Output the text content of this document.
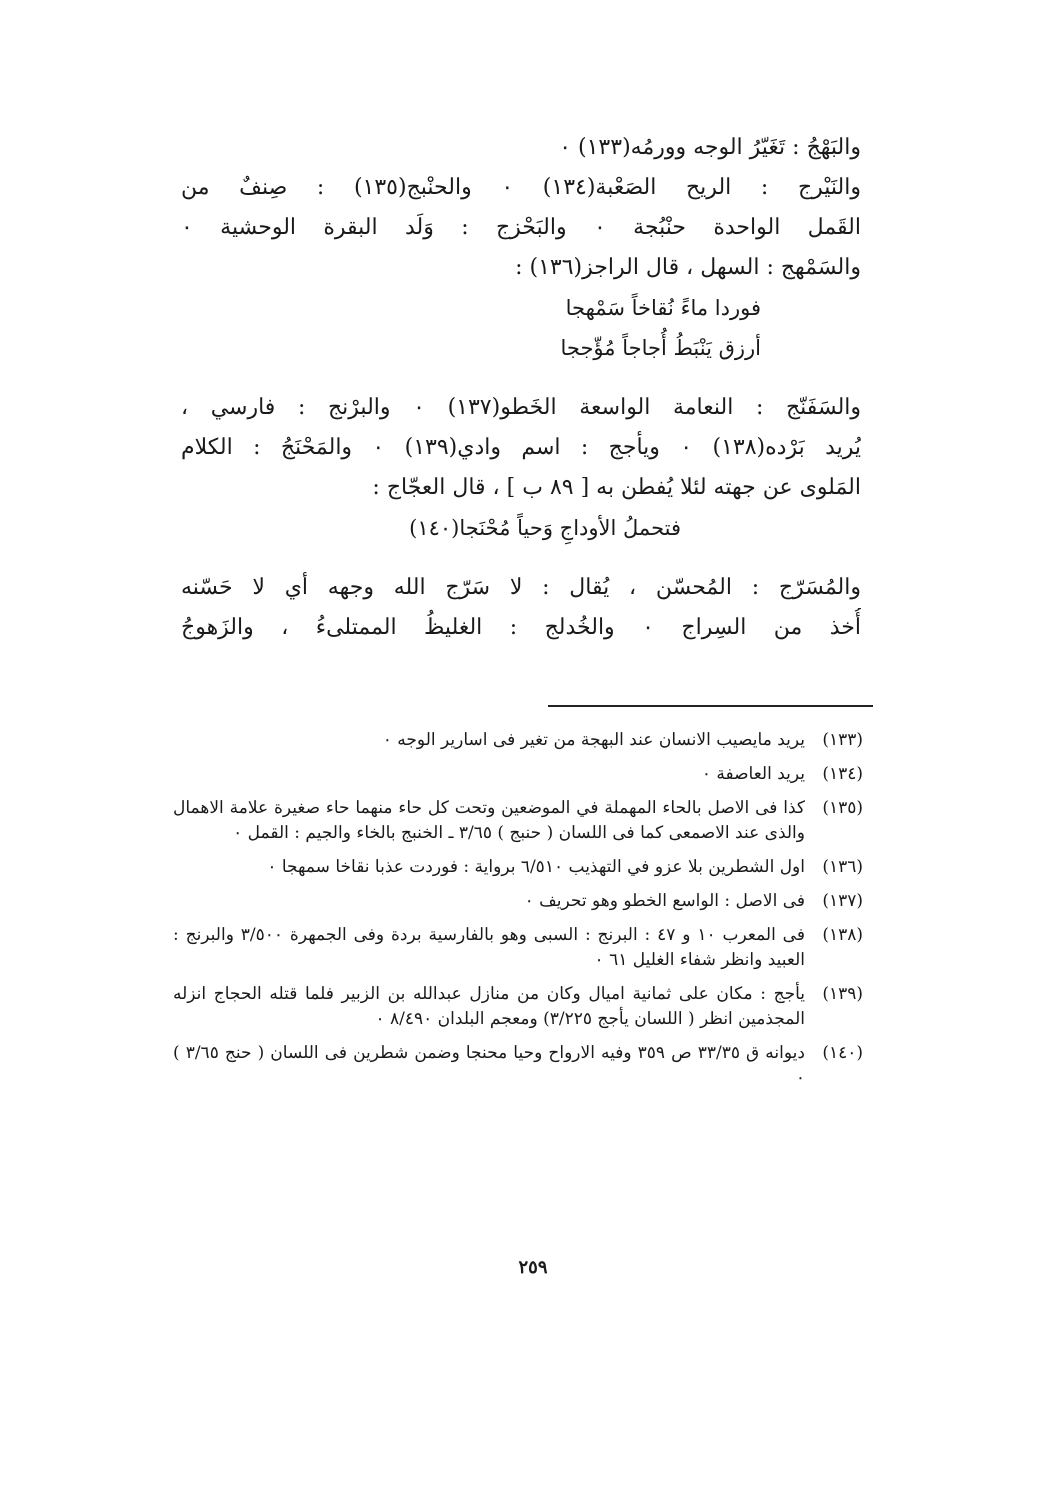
والبَهْجُ : تَغَيّرُ الوجه وورمُه(١٣٣) ٠
والنَيْرج : الريح الصَعْبة(١٣٤) ٠ والحنْبج(١٣٥) : صِنفٌ من
القَمل الواحدة حنْبُجة ٠ والبَحْزج : وَلَد البقرة الوحشية ٠
والسَمْهج : السهل ، قال الراجز(١٣٦) :
فوردا ماءً نُقاخاً سَمْهجا
أرزق يَنْبَطُ أُجاجاً مُؤّججا
والسَفَنّج : النعامة الواسعة الخَطو(١٣٧) ٠ والبرْنج : فارسي ،
يُريد بَرْده(١٣٨) ٠ ويأجج : اسم وادي(١٣٩) ٠ والمَحْنَجُ : الكلام
المَلوى عن جهته لئلا يُفطن به [ ٨٩ ب ] ، قال العجّاج :
فتحملُ الأوداجِ وَحياً مُحْنَجا(١٤٠)
والمُسَرّج : المُحسّن ، يُقال : لا سَرّج الله وجهه أي لا حَسّنه
أُخذ من السِراج ٠ والخُدلج : الغليظُ الممتلىءُ ، والزَهوجُ
(١٣٣)
يريد مايصيب الانسان عند البهجة من تغير فى اسارير الوجه ٠
(١٣٤)
يريد العاصفة ٠
(١٣٥)
كذا فى الاصل بالحاء المهملة في الموضعين وتحت كل حاء منهما حاء صغيرة علامة الاهمال والذى عند الاصمعى كما فى اللسان ( حنبج ) ٣/٦٥ ـ الخنبج بالخاء والجيم : القمل ٠
(١٣٦)
اول الشطرين بلا عزو في التهذيب ٦/٥١٠ برواية : فوردت عذبا نقاخا سمهجا ٠
(١٣٧)
فى الاصل : الواسع الخطو وهو تحريف ٠
(١٣٨)
فى المعرب ١٠ و ٤٧ : البرنج : السبى وهو بالفارسية بردة وفى الجمهرة ٣/٥٠٠ والبرنج : العبيد وانظر شفاء الغليل ٦١ ٠
(١٣٩)
يأجج : مكان على ثمانية اميال وكان من منازل عبدالله بن الزبير فلما قتله الحجاج انزله المجذمين انظر ( اللسان يأجج ٣/٢٢٥) ومعجم البلدان ٨/٤٩٠ ٠
(١٤٠)
ديوانه ق ٣٣/٣٥ ص ٣٥٩ وفيه الارواح وحيا محنجا وضمن شطرين فى اللسان ( حنج ٣/٦٥ ) ٠
٢٥٩
